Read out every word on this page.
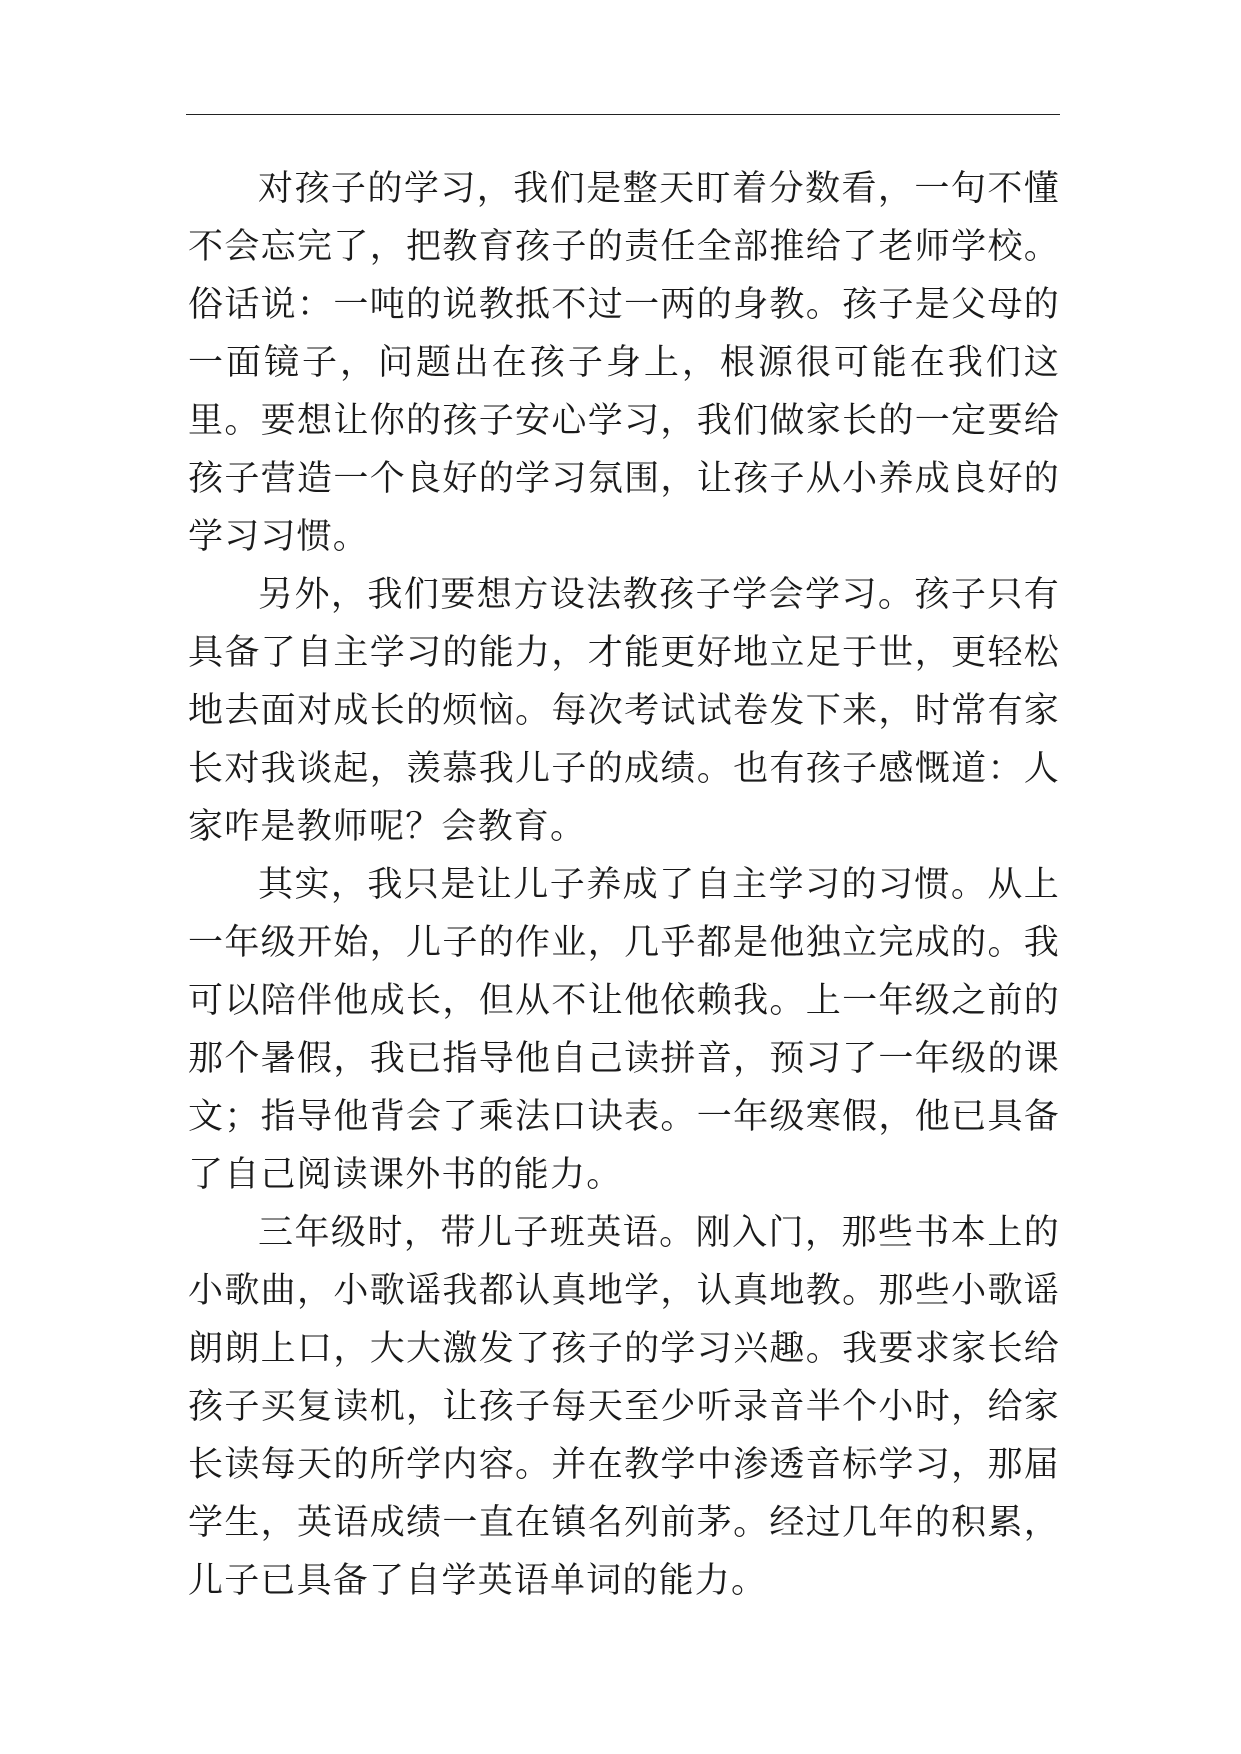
对孩子的学习，我们是整天盯着分数看，一句不懂不会忘完了，把教育孩子的责任全部推给了老师学校。俗话说：一吨的说教抵不过一两的身教。孩子是父母的一面镜子，问题出在孩子身上，根源很可能在我们这里。要想让你的孩子安心学习，我们做家长的一定要给孩子营造一个良好的学习氛围，让孩子从小养成良好的学习习惯。

另外，我们要想方设法教孩子学会学习。孩子只有具备了自主学习的能力，才能更好地立足于世，更轻松地去面对成长的烦恼。每次考试试卷发下来，时常有家长对我谈起，羡慕我儿子的成绩。也有孩子感慨道：人家咋是教师呢？会教育。

其实，我只是让儿子养成了自主学习的习惯。从上一年级开始，儿子的作业，几乎都是他独立完成的。我可以陪伴他成长，但从不让他依赖我。上一年级之前的那个暑假，我已指导他自己读拼音，预习了一年级的课文；指导他背会了乘法口诀表。一年级寒假，他已具备了自己阅读课外书的能力。

三年级时，带儿子班英语。刚入门，那些书本上的小歌曲，小歌谣我都认真地学，认真地教。那些小歌谣朗朗上口，大大激发了孩子的学习兴趣。我要求家长给孩子买复读机，让孩子每天至少听录音半个小时，给家长读每天的所学内容。并在教学中渗透音标学习，那届学生，英语成绩一直在镇名列前茅。经过几年的积累，儿子已具备了自学英语单词的能力。
